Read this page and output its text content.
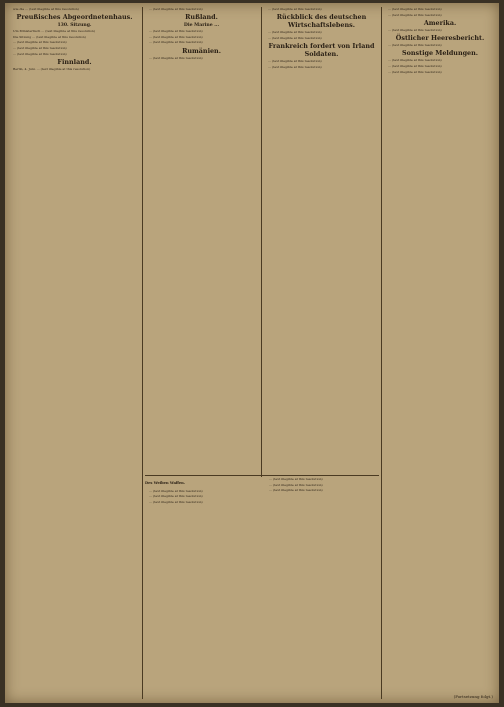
wie die ... (text illegible at this resolution)

Preußisches Abgeordnetenhaus.
130. Sitzung.

Um Ministertisch ... (text illegible at this resolution)

Die Sitzung ... (text illegible at this resolution)

... (text illegible at this resolution)

... (text illegible at this resolution)

... (text illegible at this resolution)

Finnland.

Berlin, 4. Juni. ... (text illegible at this resolution)

... (text illegible at this resolution)

Rußland.
Die Marine ...

... (text illegible at this resolution)

... (text illegible at this resolution)

... (text illegible at this resolution)

Rumänien.

... (text illegible at this resolution)

... (text illegible at this resolution)

Rückblick des deutschen Wirtschaftslebens.

... (text illegible at this resolution)

... (text illegible at this resolution)

Frankreich fordert von Irland Soldaten.

... (text illegible at this resolution)

... (text illegible at this resolution)

... (text illegible at this resolution)

... (text illegible at this resolution)

Amerika.

... (text illegible at this resolution)

Östlicher Heeresbericht.

... (text illegible at this resolution)

Sonstige Meldungen.

... (text illegible at this resolution)

... (text illegible at this resolution)

... (text illegible at this resolution)

Des Weiben Waffen.

... (text illegible at this resolution)

... (text illegible at this resolution)

... (text illegible at this resolution)

... (text illegible at this resolution)

... (text illegible at this resolution)

... (text illegible at this resolution)

(Fortsetzung folgt.)
